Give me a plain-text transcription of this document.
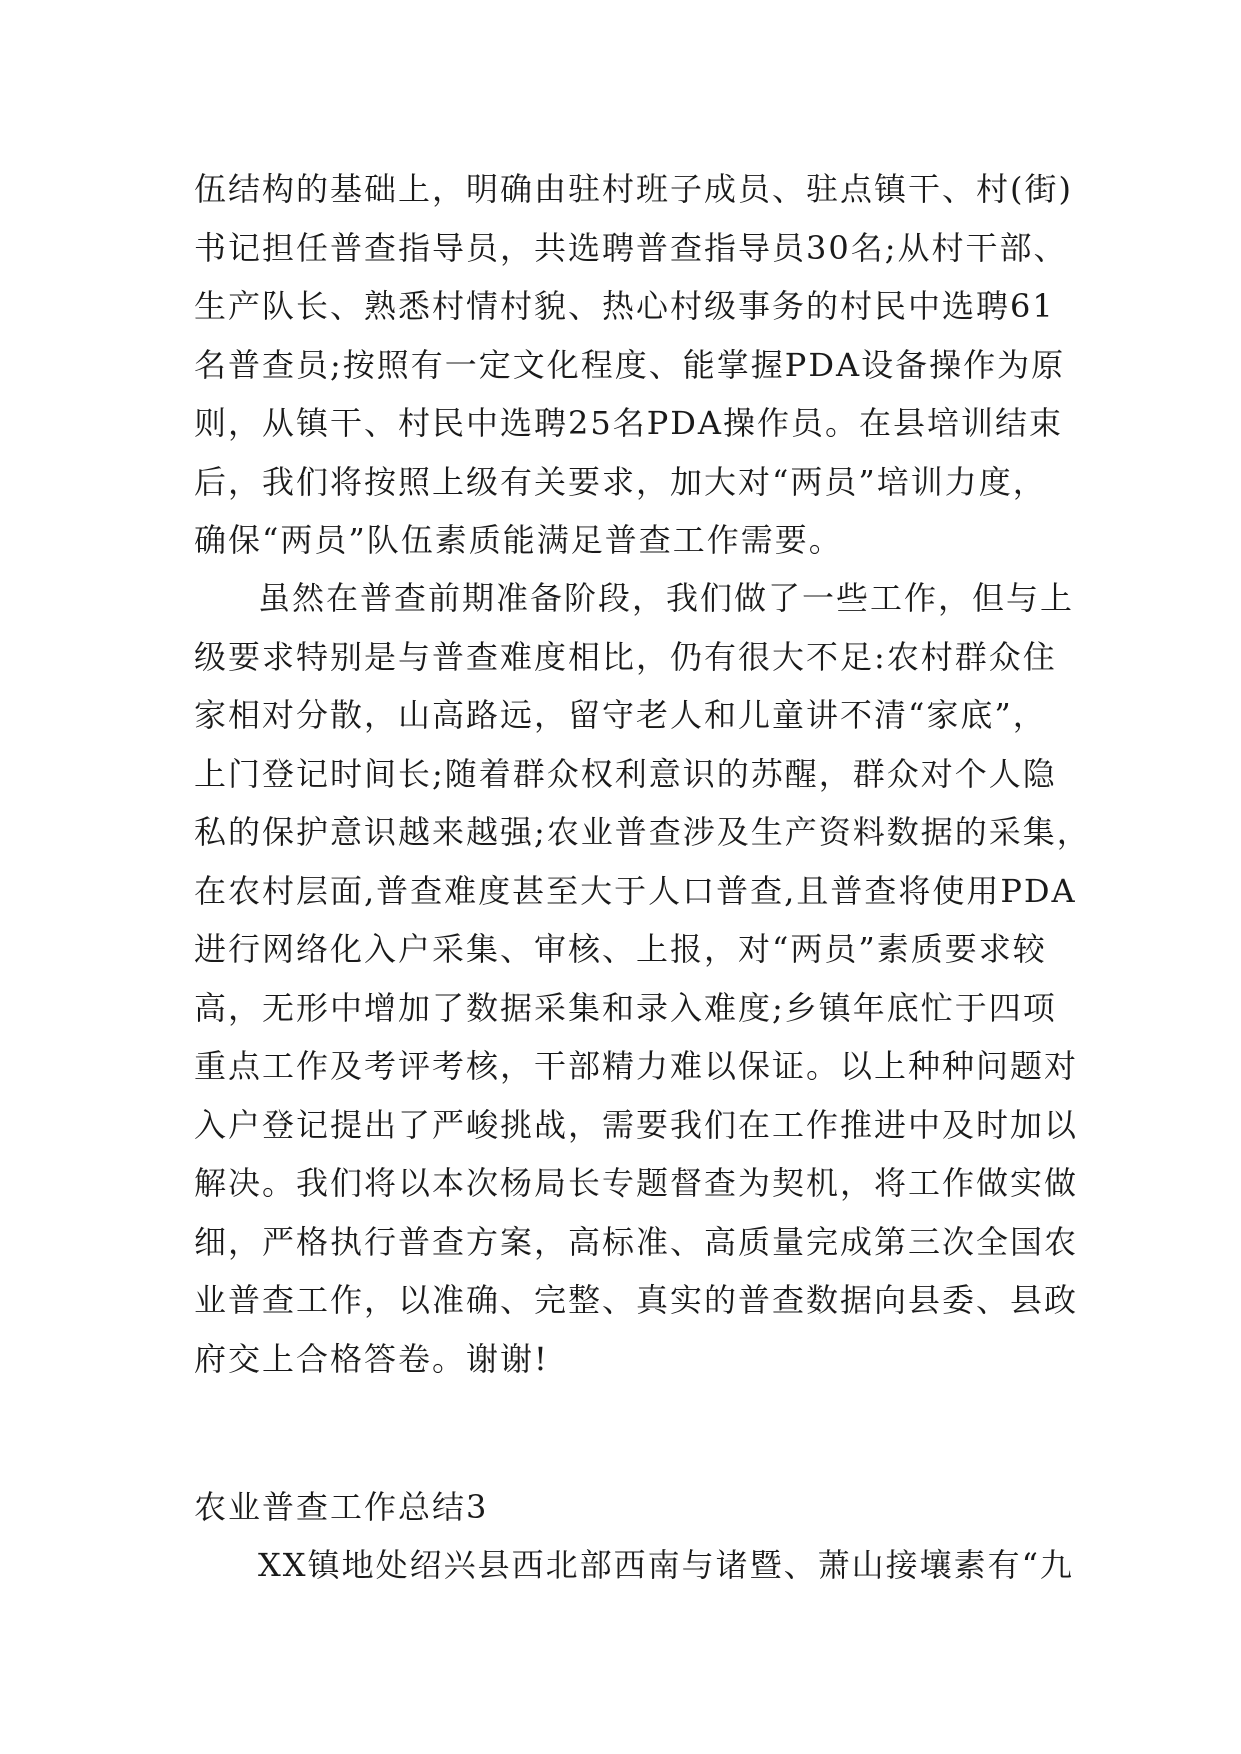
伍结构的基础上，明确由驻村班子成员、驻点镇干、村(街)
书记担任普查指导员，共选聘普查指导员30名;从村干部、
生产队长、熟悉村情村貌、热心村级事务的村民中选聘61
名普查员;按照有一定文化程度、能掌握PDA设备操作为原
则，从镇干、村民中选聘25名PDA操作员。在县培训结束
后，我们将按照上级有关要求，加大对“两员”培训力度，
确保“两员”队伍素质能满足普查工作需要。
虽然在普查前期准备阶段，我们做了一些工作，但与上
级要求特别是与普查难度相比，仍有很大不足:农村群众住
家相对分散，山高路远，留守老人和儿童讲不清“家底”，
上门登记时间长;随着群众权利意识的苏醒，群众对个人隐
私的保护意识越来越强;农业普查涉及生产资料数据的采集，
在农村层面,普查难度甚至大于人口普查,且普查将使用PDA
进行网络化入户采集、审核、上报，对“两员”素质要求较
高，无形中增加了数据采集和录入难度;乡镇年底忙于四项
重点工作及考评考核，干部精力难以保证。以上种种问题对
入户登记提出了严峻挑战，需要我们在工作推进中及时加以
解决。我们将以本次杨局长专题督查为契机，将工作做实做
细，严格执行普查方案，高标准、高质量完成第三次全国农
业普查工作，以准确、完整、真实的普查数据向县委、县政
府交上合格答卷。谢谢!
农业普查工作总结3
XX镇地处绍兴县西北部西南与诸暨、萧山接壤素有“九
